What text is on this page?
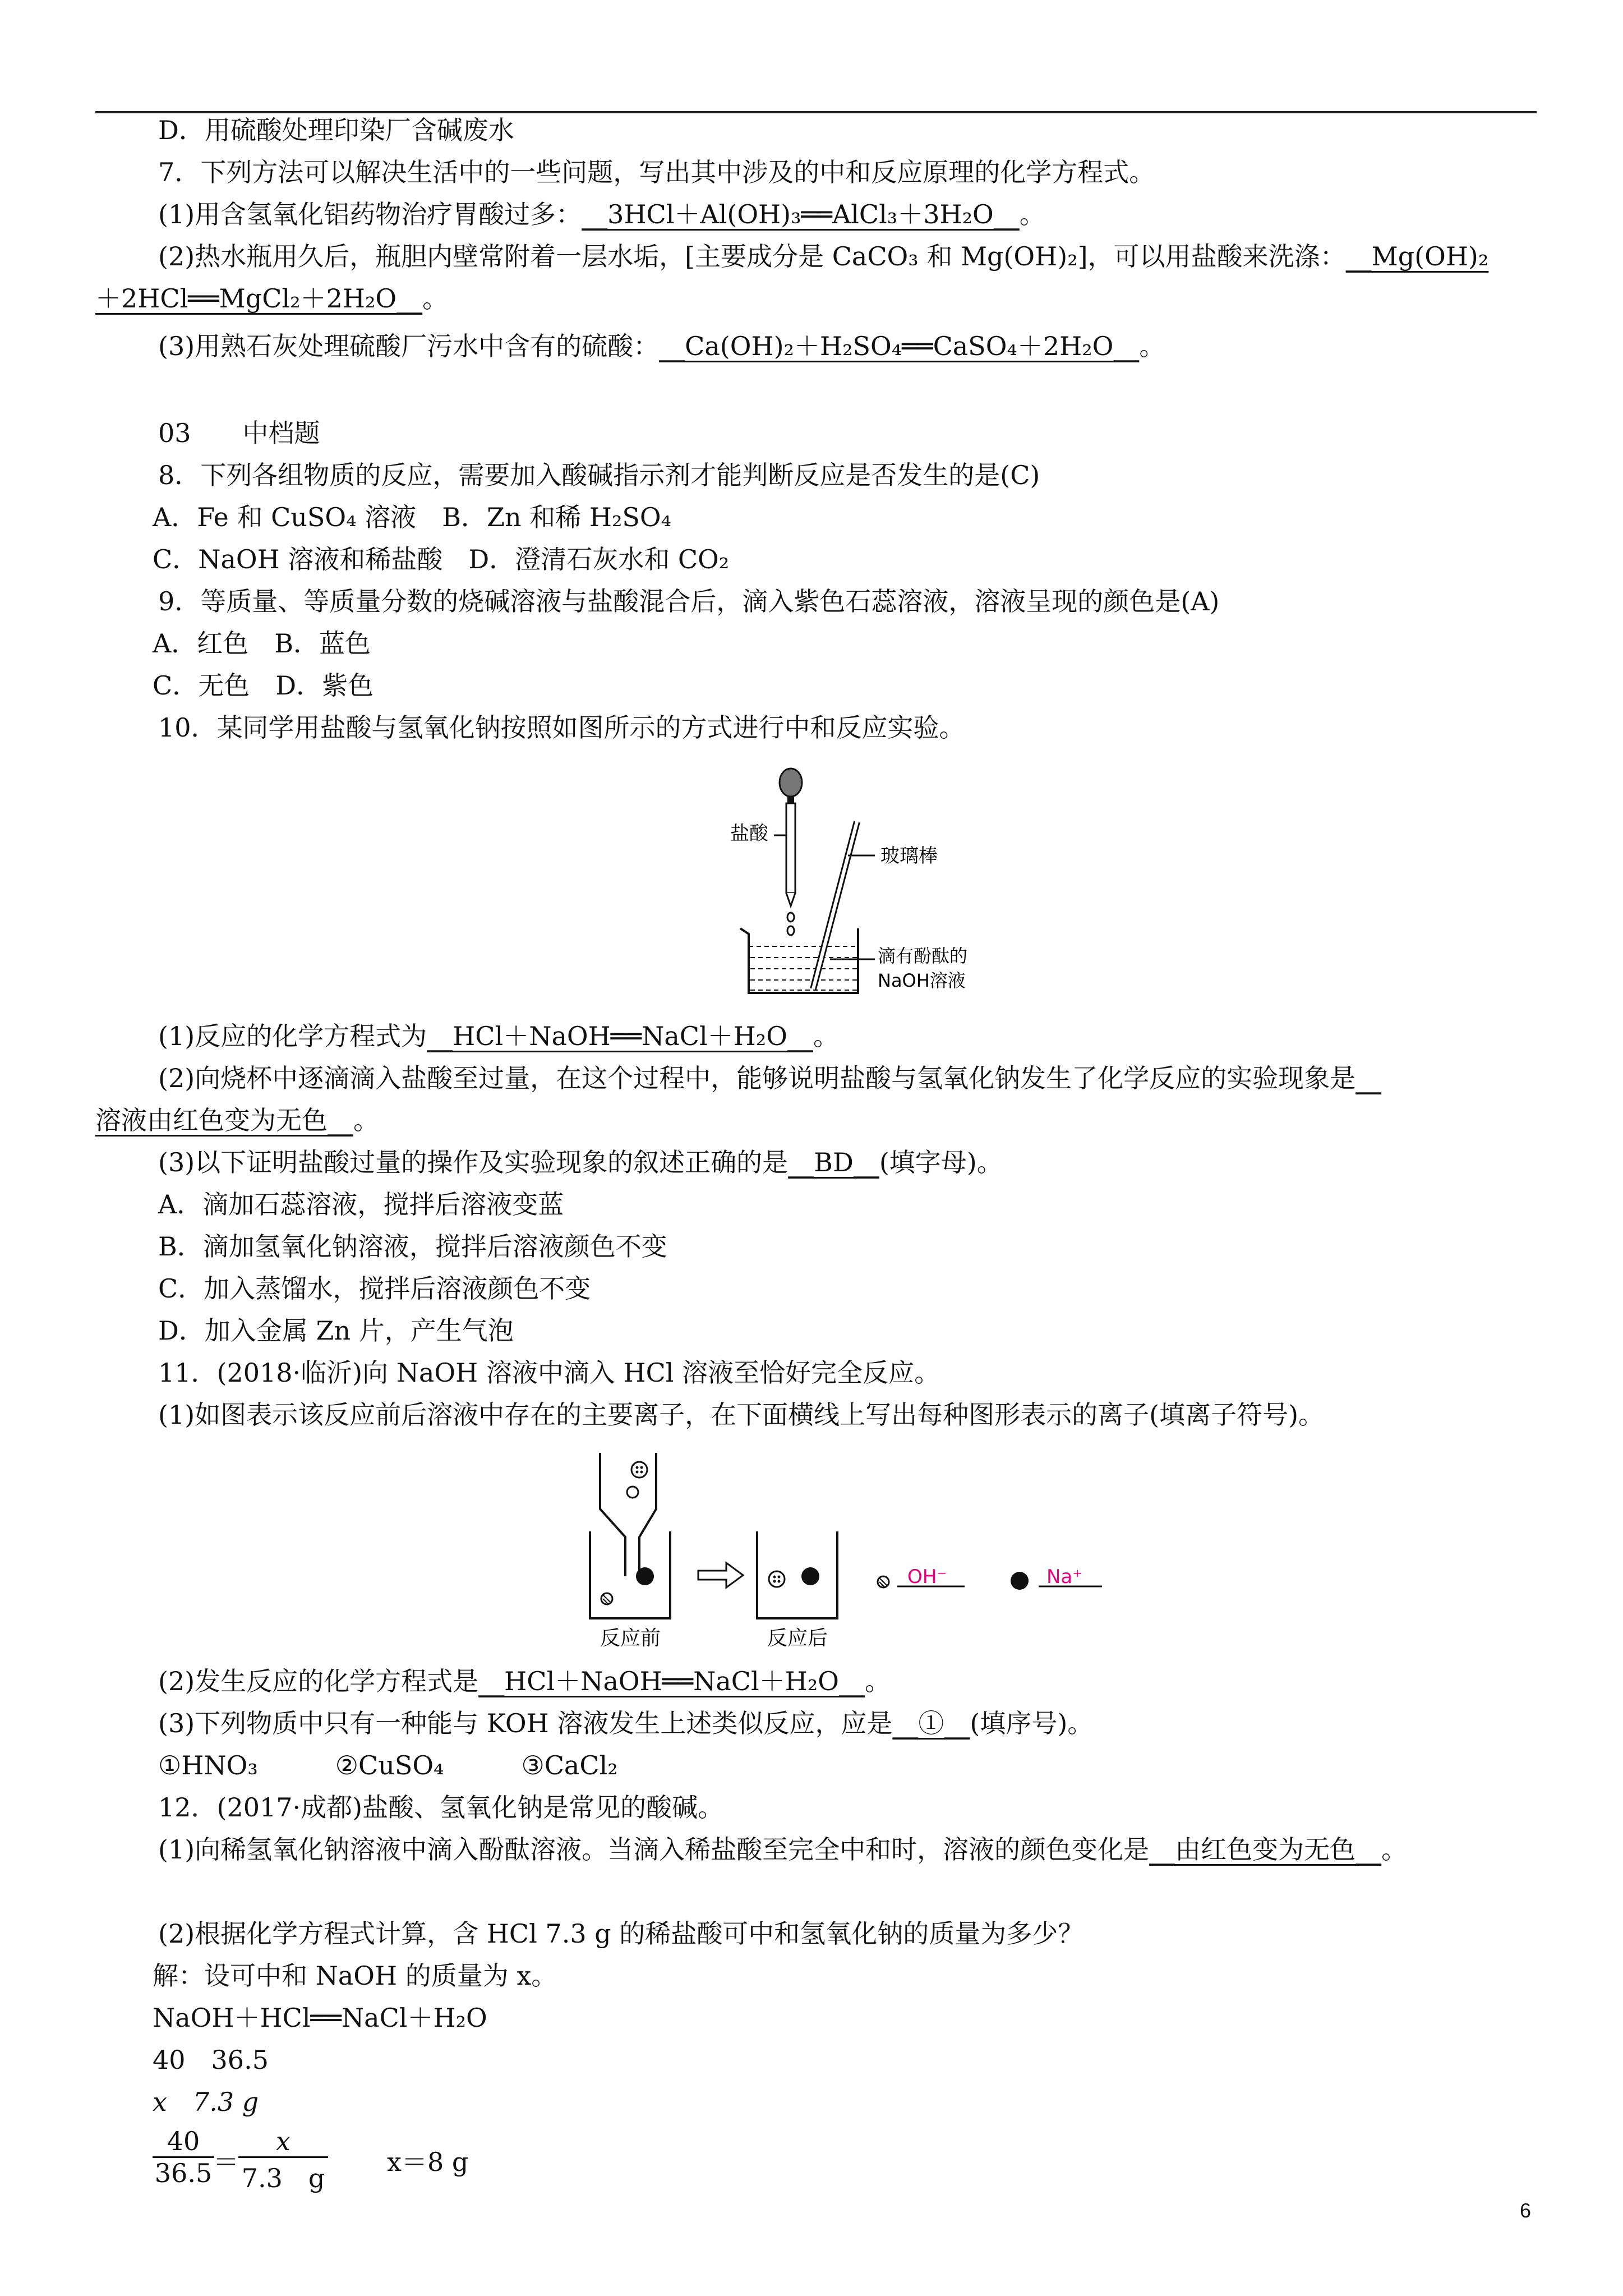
D．用硫酸处理印染厂含碱废水
7．下列方法可以解决生活中的一些问题，写出其中涉及的中和反应原理的化学方程式。
(1)用含氢氧化铝药物治疗胃酸过多：__3HCl＋Al(OH)₃══AlCl₃＋3H₂O__。
(2)热水瓶用久后，瓶胆内壁常附着一层水垢，[主要成分是 CaCO₃ 和 Mg(OH)₂]，可以用盐酸来洗涤：__Mg(OH)₂
＋2HCl══MgCl₂＋2H₂O__。
(3)用熟石灰处理硫酸厂污水中含有的硫酸：__Ca(OH)₂＋H₂SO₄══CaSO₄＋2H₂O__。
03　　中档题
8．下列各组物质的反应，需要加入酸碱指示剂才能判断反应是否发生的是(C)
A．Fe 和 CuSO₄ 溶液　B．Zn 和稀 H₂SO₄
C．NaOH 溶液和稀盐酸　D．澄清石灰水和 CO₂
9．等质量、等质量分数的烧碱溶液与盐酸混合后，滴入紫色石蕊溶液，溶液呈现的颜色是(A)
A．红色　B．蓝色
C．无色　D．紫色
10．某同学用盐酸与氢氧化钠按照如图所示的方式进行中和反应实验。
盐酸
玻璃棒
滴有酚酞的
NaOH溶液
(1)反应的化学方程式为__HCl＋NaOH══NaCl＋H₂O__。
(2)向烧杯中逐滴滴入盐酸至过量，在这个过程中，能够说明盐酸与氢氧化钠发生了化学反应的实验现象是__
溶液由红色变为无色__。
(3)以下证明盐酸过量的操作及实验现象的叙述正确的是__BD__(填字母)。
A．滴加石蕊溶液，搅拌后溶液变蓝
B．滴加氢氧化钠溶液，搅拌后溶液颜色不变
C．加入蒸馏水，搅拌后溶液颜色不变
D．加入金属 Zn 片，产生气泡
11．(2018·临沂)向 NaOH 溶液中滴入 HCl 溶液至恰好完全反应。
(1)如图表示该反应前后溶液中存在的主要离子，在下面横线上写出每种图形表示的离子(填离子符号)。
OH⁻	Na⁺
反应前	反应后
(2)发生反应的化学方程式是__HCl＋NaOH══NaCl＋H₂O__。
(3)下列物质中只有一种能与 KOH 溶液发生上述类似反应，应是__①__(填序号)。
①HNO₃　　　②CuSO₄　　　③CaCl₂
12．(2017·成都)盐酸、氢氧化钠是常见的酸碱。
(1)向稀氢氧化钠溶液中滴入酚酞溶液。当滴入稀盐酸至完全中和时，溶液的颜色变化是__由红色变为无色__。
(2)根据化学方程式计算，含 HCl 7.3 g 的稀盐酸可中和氢氧化钠的质量为多少？
解：设可中和 NaOH 的质量为 x。
NaOH＋HCl══NaCl＋H₂O
40　36.5
x　7.3 g
$\frac{40}{36.5}$
＝ $\frac{x}{7.3 g} x=8$ g
6
